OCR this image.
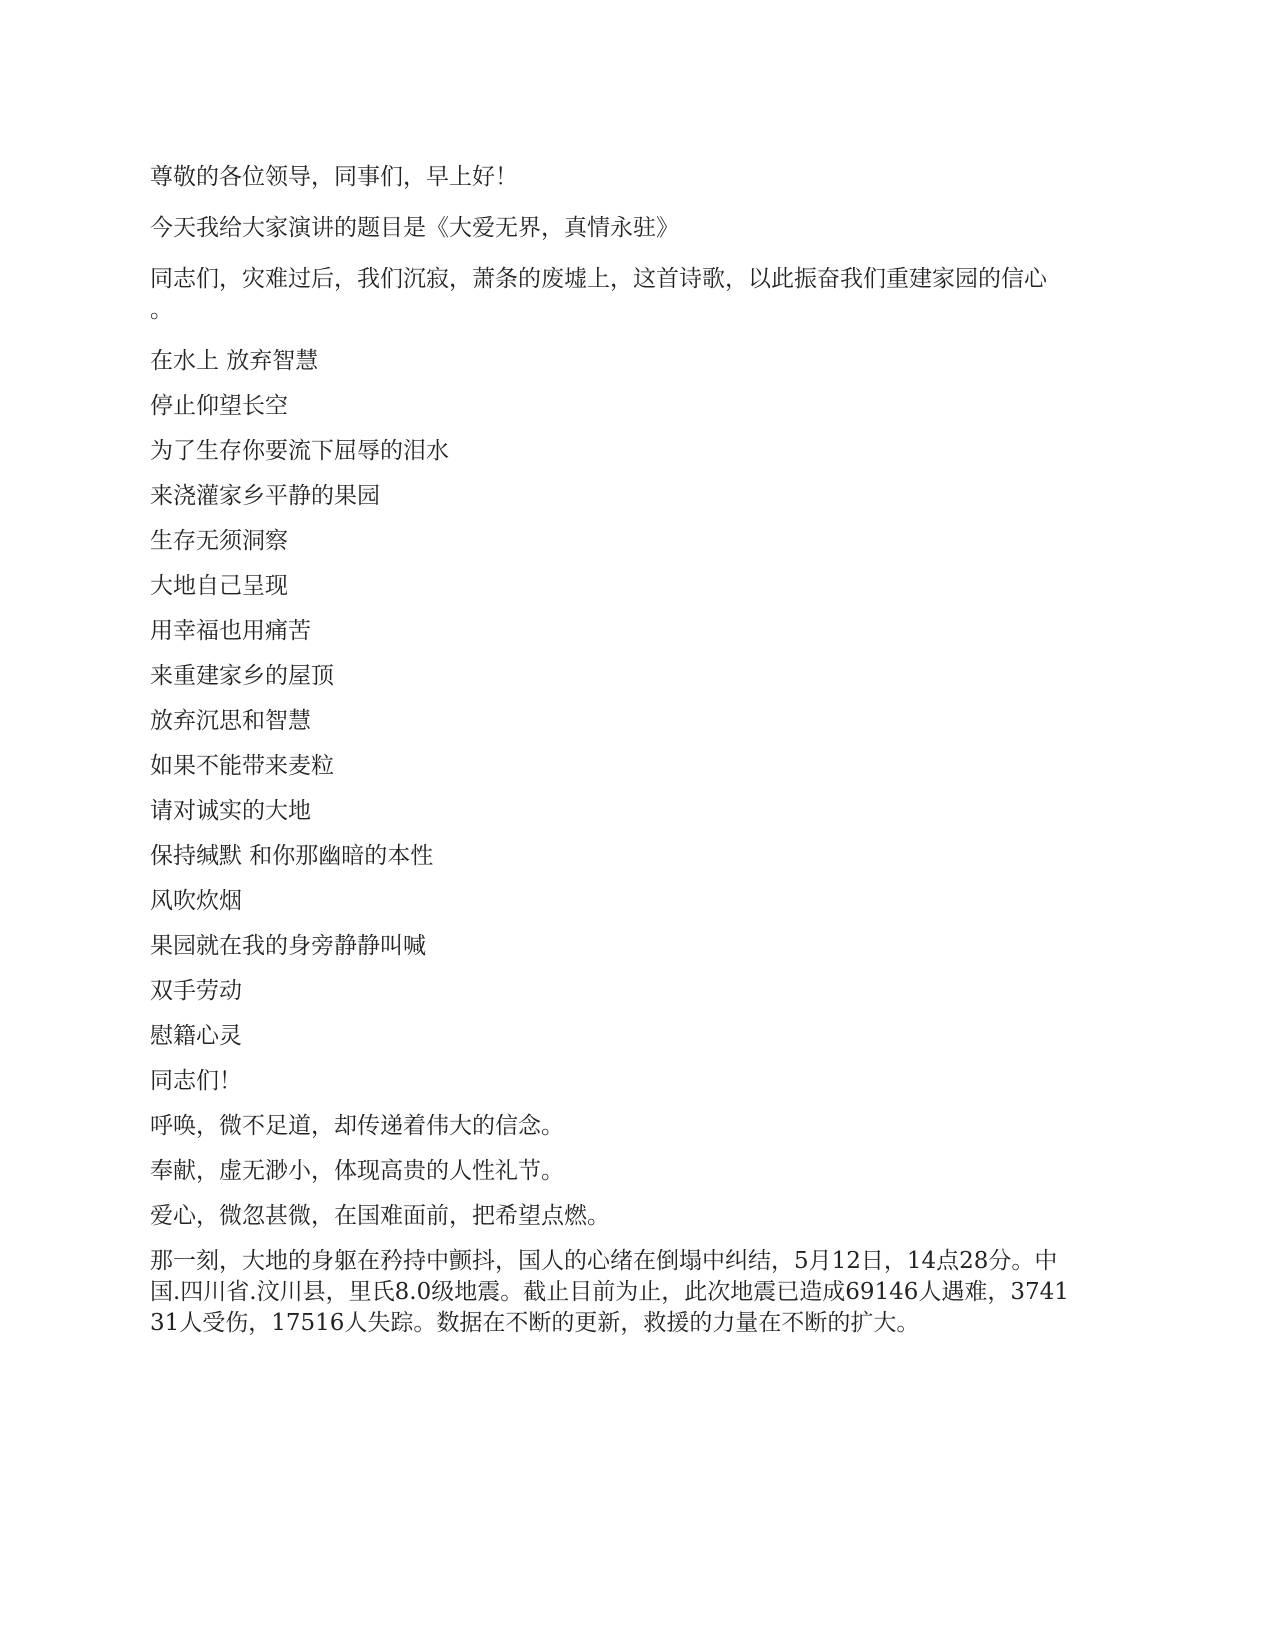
尊敬的各位领导，同事们，早上好！

今天我给大家演讲的题目是《大爱无界，真情永驻》

同志们，灾难过后，我们沉寂，萧条的废墟上，这首诗歌，以此振奋我们重建家园的信心
。

在水上 放弃智慧

停止仰望长空

为了生存你要流下屈辱的泪水

来浇灌家乡平静的果园

生存无须洞察

大地自己呈现

用幸福也用痛苦

来重建家乡的屋顶

放弃沉思和智慧

如果不能带来麦粒

请对诚实的大地

保持缄默 和你那幽暗的本性

风吹炊烟

果园就在我的身旁静静叫喊

双手劳动

慰籍心灵

同志们！

呼唤，微不足道，却传递着伟大的信念。

奉献，虚无渺小，体现高贵的人性礼节。

爱心，微忽甚微，在国难面前，把希望点燃。

那一刻，大地的身躯在矜持中颤抖，国人的心绪在倒塌中纠结，5月12日，14点28分。中
国.四川省.汶川县，里氏8.0级地震。截止目前为止，此次地震已造成69146人遇难，3741
31人受伤，17516人失踪。数据在不断的更新，救援的力量在不断的扩大。
